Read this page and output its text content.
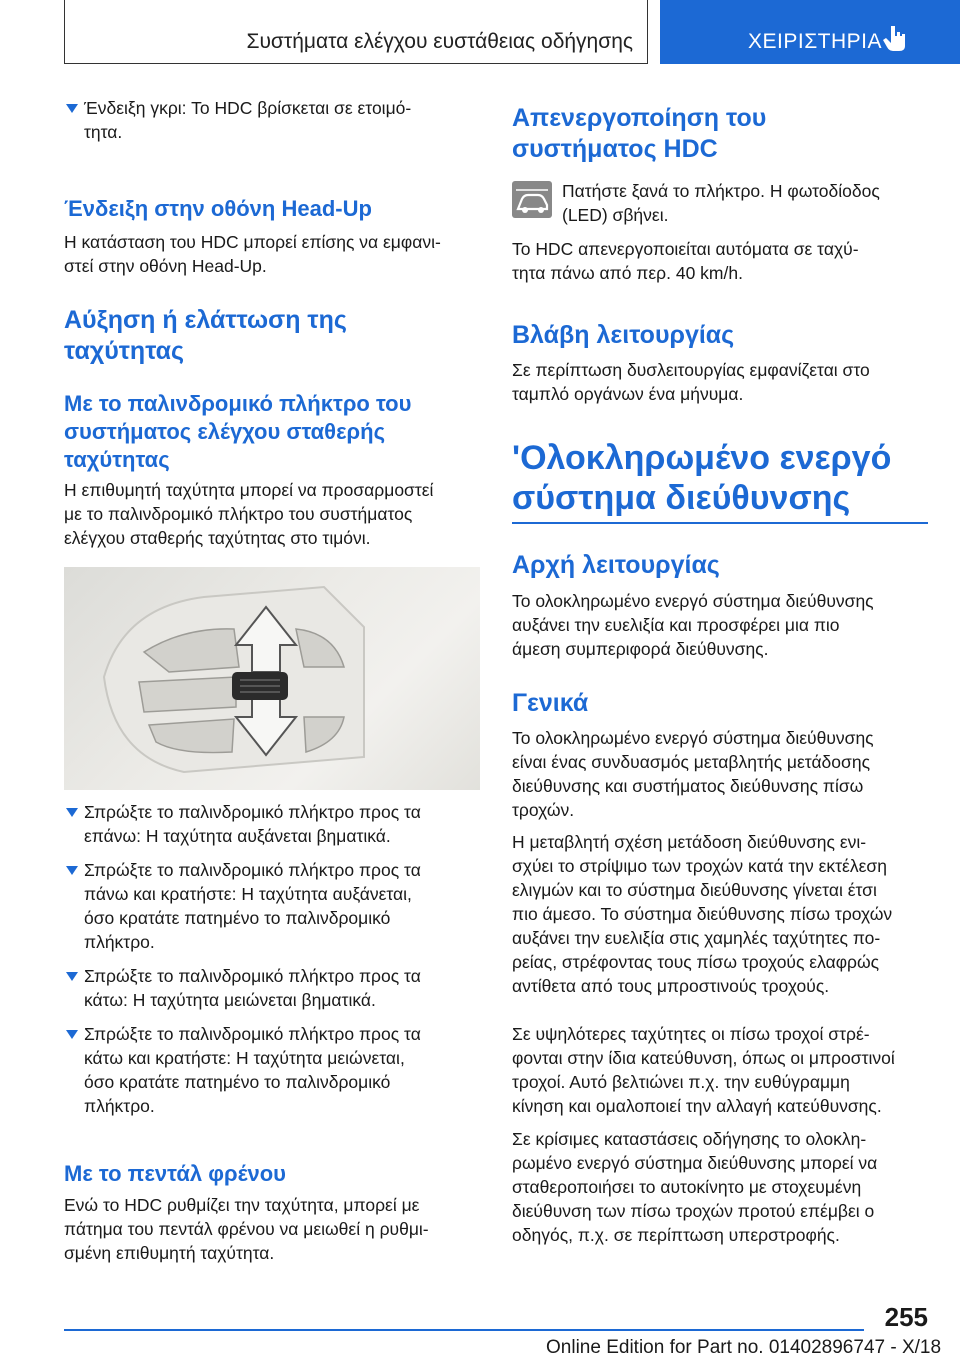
Συστήματα ελέγχου ευστάθειας οδήγησης	ΧΕΙΡΙΣΤΗΡΙΑ
Ένδειξη γκρι: Το HDC βρίσκεται σε ετοιμό-
τητα.
Ένδειξη στην οθόνη Head-Up

Η κατάσταση του HDC μπορεί επίσης να εμφανι-
στεί στην οθόνη Head-Up.

Αύξηση ή ελάττωση της
ταχύτητας
Με το παλινδρομικό πλήκτρο του
συστήματος ελέγχου σταθερής
ταχύτητας

Η επιθυμητή ταχύτητα μπορεί να προσαρμοστεί
με το παλινδρομικό πλήκτρο του συστήματος
ελέγχου σταθερής ταχύτητας στο τιμόνι.

Σπρώξτε το παλινδρομικό πλήκτρο προς τα
επάνω: Η ταχύτητα αυξάνεται βηματικά.
Σπρώξτε το παλινδρομικό πλήκτρο προς τα
πάνω και κρατήστε: Η ταχύτητα αυξάνεται,
όσο κρατάτε πατημένο το παλινδρομικό
πλήκτρο.
Σπρώξτε το παλινδρομικό πλήκτρο προς τα
κάτω: Η ταχύτητα μειώνεται βηματικά.
Σπρώξτε το παλινδρομικό πλήκτρο προς τα
κάτω και κρατήστε: Η ταχύτητα μειώνεται,
όσο κρατάτε πατημένο το παλινδρομικό
πλήκτρο.
Με το πεντάλ φρένου

Ενώ το HDC ρυθμίζει την ταχύτητα, μπορεί με
πάτημα του πεντάλ φρένου να μειωθεί η ρυθμι-
σμένη επιθυμητή ταχύτητα.

Απενεργοποίηση του
συστήματος HDC

Πατήστε ξανά το πλήκτρο. Η φωτοδίοδος
(LED) σβήνει.

Το HDC απενεργοποιείται αυτόματα σε ταχύ-
τητα πάνω από περ. 40 km/h.

Βλάβη λειτουργίας

Σε περίπτωση δυσλειτουργίας εμφανίζεται στο
ταμπλό οργάνων ένα μήνυμα.

'Ολοκληρωμένο ενεργό
σύστημα διεύθυνσης
Αρχή λειτουργίας

Το ολοκληρωμένο ενεργό σύστημα διεύθυνσης
αυξάνει την ευελιξία και προσφέρει μια πιο
άμεση συμπεριφορά διεύθυνσης.

Γενικά

Το ολοκληρωμένο ενεργό σύστημα διεύθυνσης
είναι ένας συνδυασμός μεταβλητής μετάδοσης
διεύθυνσης και συστήματος διεύθυνσης πίσω
τροχών.

Η μεταβλητή σχέση μετάδοση διεύθυνσης ενι-
σχύει το στρίψιμο των τροχών κατά την εκτέλεση
ελιγμών και το σύστημα διεύθυνσης γίνεται έτσι
πιο άμεσο. Το σύστημα διεύθυνσης πίσω τροχών
αυξάνει την ευελιξία στις χαμηλές ταχύτητες πο-
ρείας, στρέφοντας τους πίσω τροχούς ελαφρώς
αντίθετα από τους μπροστινούς τροχούς.

Σε υψηλότερες ταχύτητες οι πίσω τροχοί στρέ-
φονται στην ίδια κατεύθυνση, όπως οι μπροστινοί
τροχοί. Αυτό βελτιώνει π.χ. την ευθύγραμμη
κίνηση και ομαλοποιεί την αλλαγή κατεύθυνσης.

Σε κρίσιμες καταστάσεις οδήγησης το ολοκλη-
ρωμένο ενεργό σύστημα διεύθυνσης μπορεί να
σταθεροποιήσει το αυτοκίνητο με στοχευμένη
διεύθυνση των πίσω τροχών προτού επέμβει ο
οδηγός, π.χ. σε περίπτωση υπερστροφής.

255
Online Edition for Part no. 01402896747 - X/18
